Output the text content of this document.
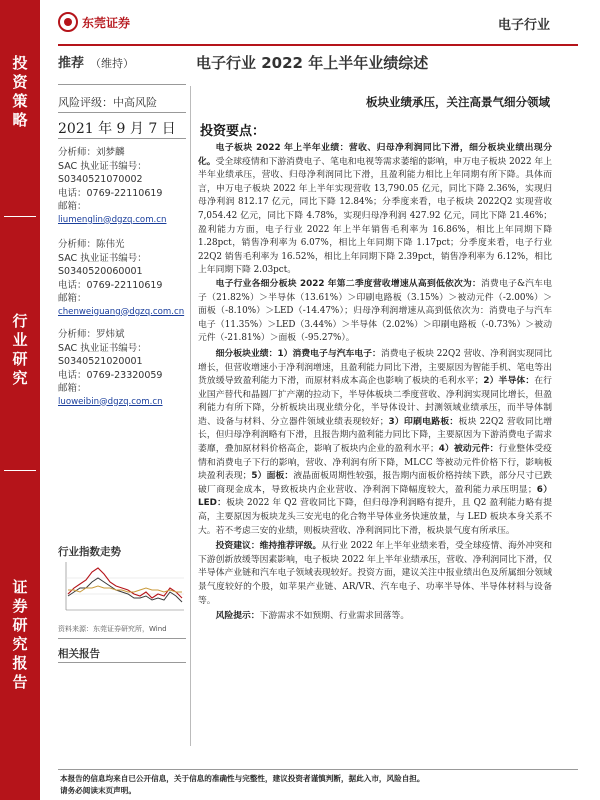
投
资
策
略
行
业
研
究
证
券
研
究
报
告
东莞证券	电子行业
推荐 （维持）
风险评级：中高风险
2021 年 9 月 7 日
分析师：刘梦麟
SAC 执业证书编号：
S0340521070002
电话：0769-22110619
邮箱：
liumenglin@dgzq.com.cn
分析师：陈伟光
SAC 执业证书编号：
S0340520060001
电话：0769-22110619
邮箱：
chenweiguang@dgzq.com.cn
分析师：罗炜斌
SAC 执业证书编号：
S0340521020001
电话：0769-23320059
邮箱：
luoweibin@dgzq.com.cn
行业指数走势
资料来源：东莞证券研究所，Wind
相关报告
电子行业 2022 年上半年业绩综述
板块业绩承压，关注高景气细分领域
投资要点：

电子板块 2022 年上半年业绩：营收、归母净利润同比下滑，细分板块业绩出现分化。受全球疫情和下游消费电子、笔电和电视等需求萎缩的影响，申万电子板块 2022 年上半年业绩承压，营收、归母净利润同比下滑，且盈利能力相比上年同期有所下降。具体而言，申万电子板块 2022 年上半年实现营收 13,790.05 亿元，同比下降 2.36%，实现归母净利润 812.17 亿元，同比下降 12.84%；分季度来看，电子板块 2022Q2 实现营收 7,054.42 亿元，同比下降 4.78%，实现归母净利润 427.92 亿元，同比下降 21.46%；盈利能力方面，电子行业 2022 年上半年销售毛利率为 16.86%，相比上年同期下降 1.28pct，销售净利率为 6.07%，相比上年同期下降 1.17pct；分季度来看，电子行业 22Q2 销售毛利率为 16.52%，相比上年同期下降 2.39pct，销售净利率为 6.12%，相比上年同期下降 2.03pct。

电子行业各细分板块 2022 年第二季度营收增速从高到低依次为：消费电子&汽车电子（21.82%）＞半导体（13.61%）＞印刷电路板（3.15%）＞被动元件（-2.00%）＞面板（-8.10%）＞LED（-14.47%）；归母净利润增速从高到低依次为：消费电子与汽车电子（11.35%）＞LED（3.44%）＞半导体（2.02%）＞印刷电路板（-0.73%）＞被动元件（-21.81%）＞面板（-95.27%）。

细分板块业绩：1）消费电子与汽车电子：消费电子板块 22Q2 营收、净利润实现同比增长，但营收增速小于净利润增速，且盈利能力同比下滑，主要原因为智能手机、笔电等出货放缓导致盈利能力下滑，而原材料成本高企也影响了板块的毛利水平；2）半导体：在行业国产替代和晶圆厂扩产潮的拉动下，半导体板块二季度营收、净利润实现同比增长，但盈利能力有所下降，分析板块出现业绩分化，半导体设计、封测领域业绩承压，而半导体制造、设备与材料、分立器件领域业绩表现较好；3）印刷电路板：板块 22Q2 营收同比增长，但归母净利润略有下滑，且报告期内盈利能力同比下降，主要原因为下游消费电子需求萎靡，叠加原材料价格高企，影响了板块内企业的盈利水平；4）被动元件：行业整体受疫情和消费电子下行的影响，营收、净利润有所下降，MLCC 等被动元件价格下行，影响板块盈利表现；5）面板：液晶面板周期性较强，报告期内面板价格持续下跌，部分尺寸已跌破厂商现金成本，导致板块内企业营收、净利润下降幅度较大，盈利能力承压明显；6）LED：板块 2022 年 Q2 营收同比下降，但归母净利润略有提升，且 Q2 盈利能力略有提高，主要原因为板块龙头三安光电的化合物半导体业务快速放量，与 LED 板块本身关系不大。若不考虑三安的业绩，则板块营收、净利润同比下滑，板块景气度有所承压。

投资建议：维持推荐评级。从行业 2022 年上半年业绩来看，受全球疫情、海外冲突和下游创新放缓等因素影响，电子板块 2022 年上半年业绩承压，营收、净利润同比下滑，仅半导体产业链和汽车电子领域表现较好。投资方面，建议关注中报业绩出色及所属细分领域景气度较好的个股，如苹果产业链、AR/VR、汽车电子、功率半导体、半导体材料与设备等。

风险提示：下游需求不如预期、行业需求回落等。

本报告的信息均来自已公开信息，关于信息的准确性与完整性，建议投资者谨慎判断，据此入市，风险自担。
请务必阅读末页声明。
